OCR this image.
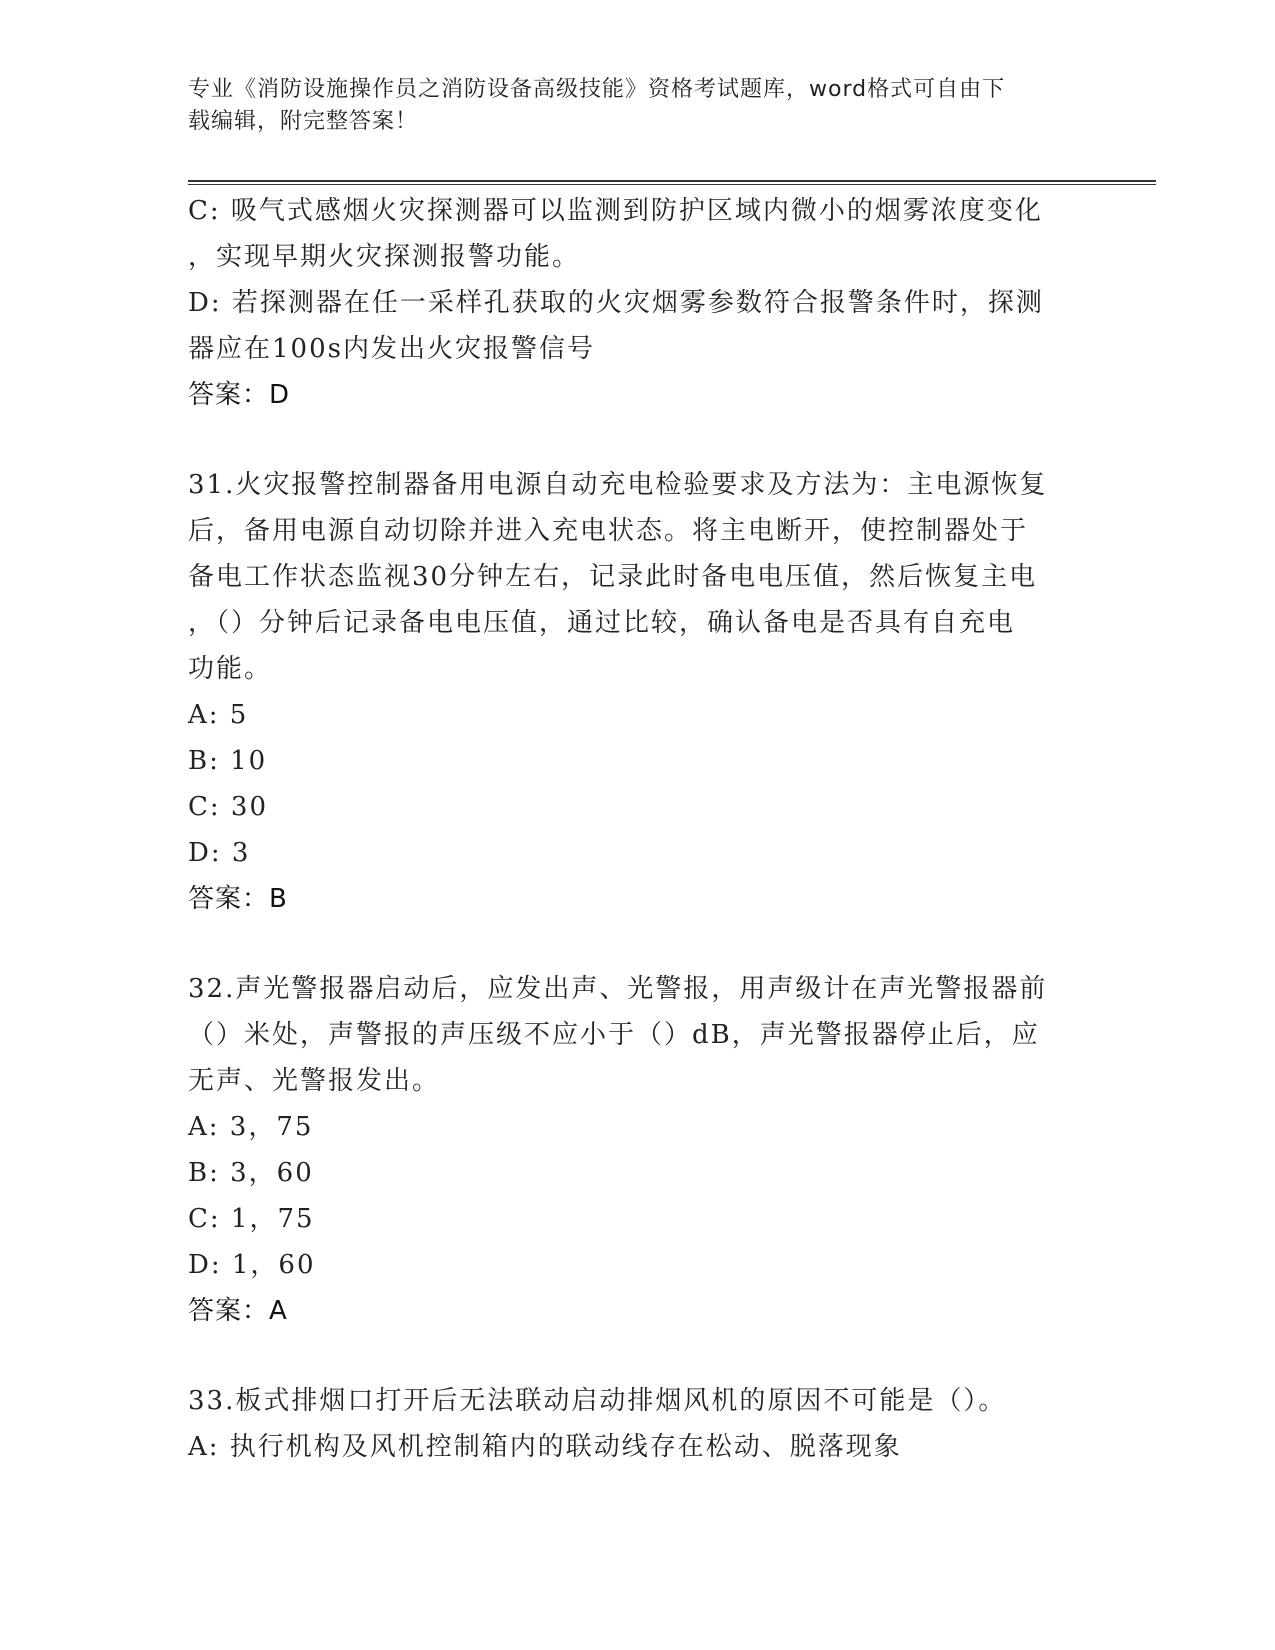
专业《消防设施操作员之消防设备高级技能》资格考试题库，word格式可自由下
载编辑，附完整答案！
C: 吸气式感烟火灾探测器可以监测到防护区域内微小的烟雾浓度变化
，实现早期火灾探测报警功能。
D: 若探测器在任一采样孔获取的火灾烟雾参数符合报警条件时，探测
器应在100s内发出火灾报警信号
答案：D
31.火灾报警控制器备用电源自动充电检验要求及方法为：主电源恢复
后，备用电源自动切除并进入充电状态。将主电断开，使控制器处于
备电工作状态监视30分钟左右，记录此时备电电压值，然后恢复主电
，（）分钟后记录备电电压值，通过比较，确认备电是否具有自充电
功能。
A: 5
B: 10
C: 30
D: 3
答案：B
32.声光警报器启动后，应发出声、光警报，用声级计在声光警报器前
（）米处，声警报的声压级不应小于（）dB，声光警报器停止后，应
无声、光警报发出。
A: 3，75
B: 3，60
C: 1，75
D: 1，60
答案：A
33.板式排烟口打开后无法联动启动排烟风机的原因不可能是（）。
A: 执行机构及风机控制箱内的联动线存在松动、脱落现象
